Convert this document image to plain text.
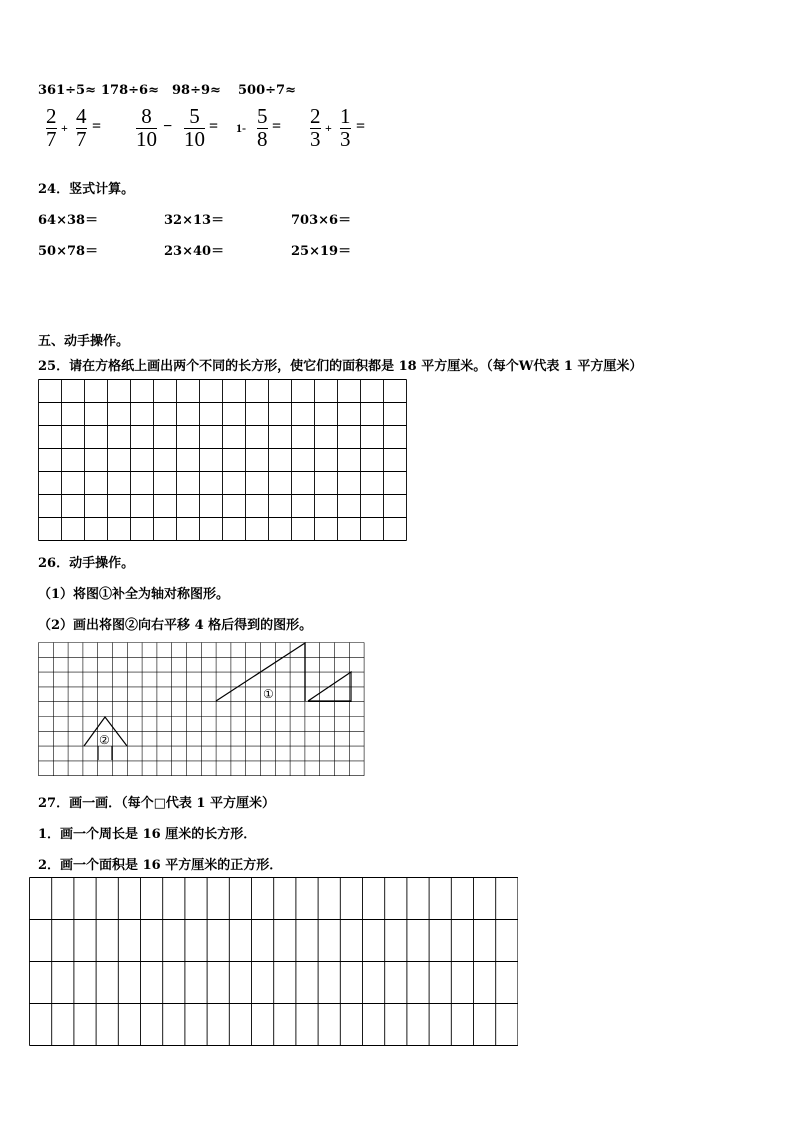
361÷5≈ 178÷6≈ 98÷9≈ 500÷7≈
2
7 + 4
7
= 8
10
− 5
10
= 1- 5
8
= 2
3 + 1
3
=
24．竖式计算。
64×38＝	32×13＝	703×6＝
50×78＝	23×40＝	25×19＝
五、动手操作。
25．请在方格纸上画出两个不同的长方形，使它们的面积都是 18 平方厘米。（每个W代表 1 平方厘米）
26．动手操作。
（1）将图①补全为轴对称图形。
（2）画出将图②向右平移 4 格后得到的图形。
①
②
27．画一画．（每个□代表 1 平方厘米）
1．画一个周长是 16 厘米的长方形．
2．画一个面积是 16 平方厘米的正方形．
